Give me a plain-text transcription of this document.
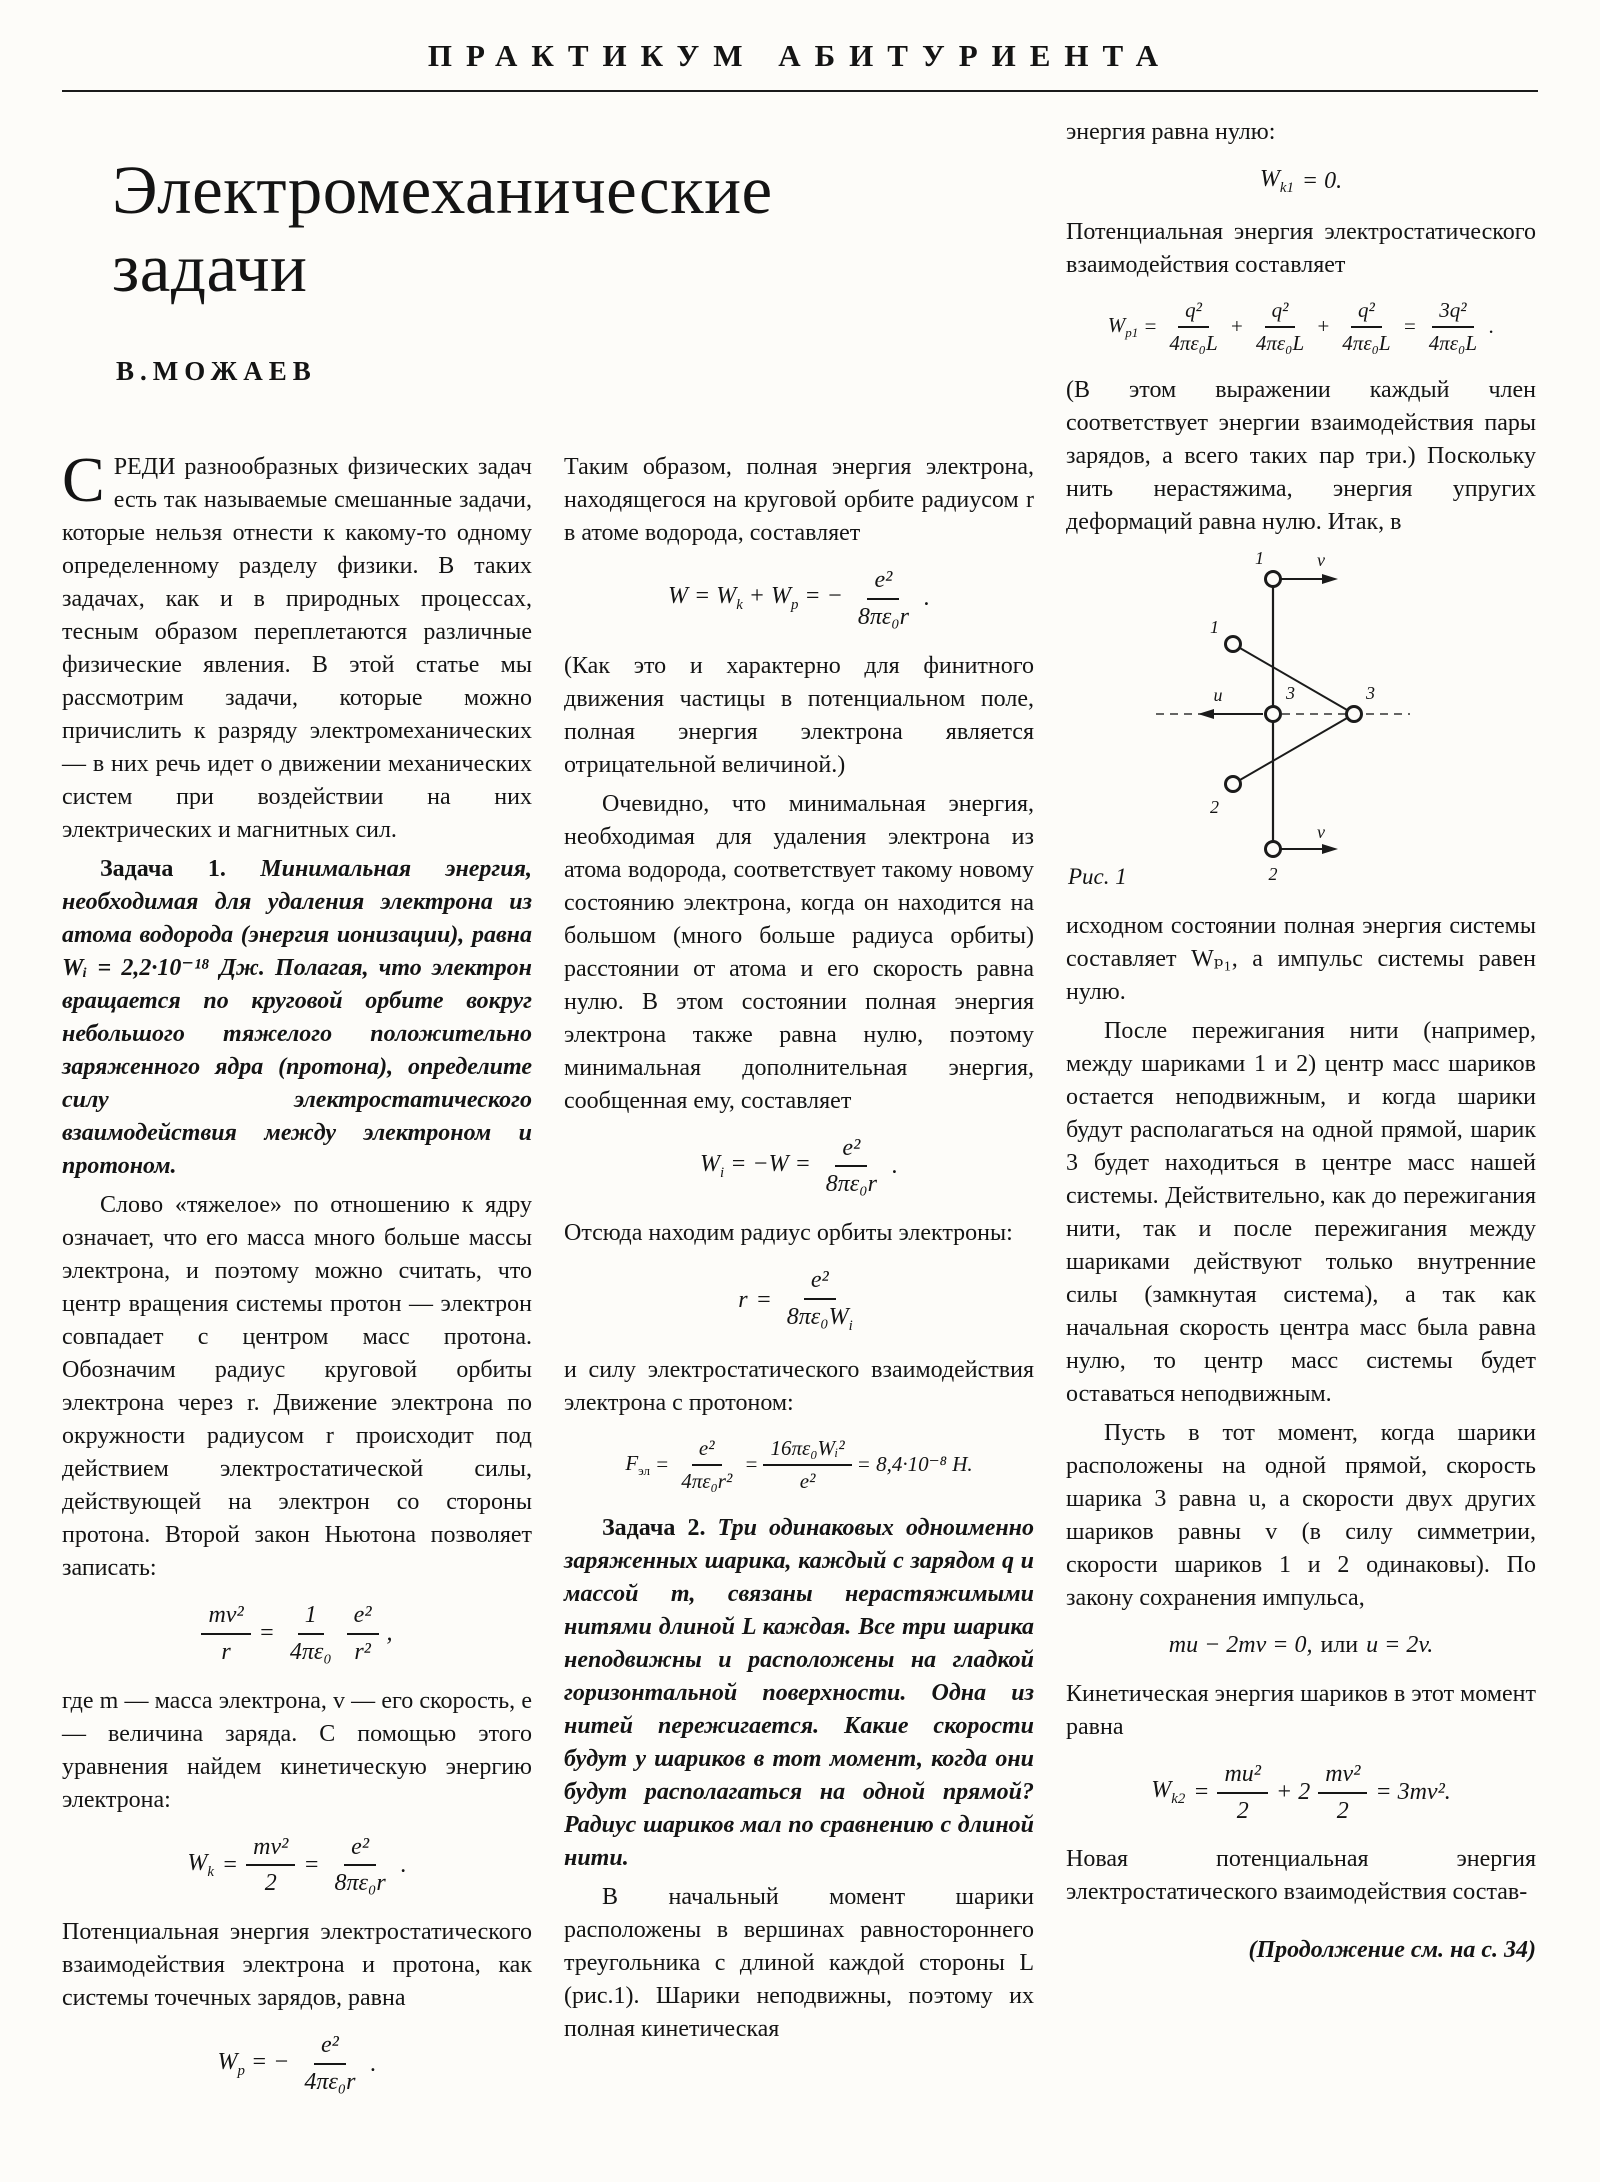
ПРАКТИКУМ АБИТУРИЕНТА
Электромеханические задачи
В.МОЖАЕВ

СРЕДИ разнообразных физических задач есть так называемые смешанные задачи, которые нельзя отнести к какому-то одному определенному разделу физики. В таких задачах, как и в природных процессах, тесным образом переплетаются различные физические явления. В этой статье мы рассмотрим задачи, которые можно причислить к разряду электромеханических — в них речь идет о движении механических систем при воздействии на них электрических и магнитных сил.

Задача 1. Минимальная энергия, необходимая для удаления электрона из атома водорода (энергия ионизации), равна Wᵢ = 2,2·10⁻¹⁸ Дж. Полагая, что электрон вращается по круговой орбите вокруг небольшого тяжелого положительно заряженного ядра (протона), определите силу электростатического взаимодействия между электроном и протоном.

Слово «тяжелое» по отношению к ядру означает, что его масса много больше массы электрона, и поэтому можно считать, что центр вращения системы протон — электрон совпадает с центром масс протона. Обозначим радиус круговой орбиты электрона через r. Движение электрона по окружности радиусом r происходит под действием электростатической силы, действующей на электрон со стороны протона. Второй закон Ньютона позволяет записать:

$\frac{\text{mv²}}{r} = \frac{1}{\text{4πε₀}} \frac{\text{e²}}{\text{r²}}$ ,

где m — масса электрона, v — его скорость, e — величина заряда. С помощью этого уравнения найдем кинетическую энергию электрона:

$W_k = \frac{\text{mv²}}{2} = \frac{\text{e²}}{\text{8πε₀r}}$ .

Потенциальная энергия электростатического взаимодействия электрона и протона, как системы точечных зарядов, равна

$W_p$ = − $\frac{\text{e²}}{\text{4πε₀r}}$ .

Таким образом, полная энергия электрона, находящегося на круговой орбите радиусом r в атоме водорода, составляет

$W = W_k + W_p$ = − $\frac{\text{e²}}{\text{8πε₀r}}$ .

(Как это и характерно для финитного движения частицы в потенциальном поле, полная энергия электрона является отрицательной величиной.)

Очевидно, что минимальная энергия, необходимая для удаления электрона из атома водорода, соответствует такому новому состоянию электрона, когда он находится на большом (много больше радиуса орбиты) расстоянии от атома и его скорость равна нулю. В этом состоянии полная энергия электрона также равна нулю, поэтому минимальная дополнительная энергия, сообщенная ему, составляет

$W_i = -W = \frac{\text{e²}}{\text{8πε₀r}}$ .

Отсюда находим радиус орбиты электроны:

$r = \frac{\text{e²}}{8\pi\varepsilon_0W_i}$

и силу электростатического взаимодействия электрона с протоном:

$F_{эл} = \frac{\text{e²}}{\text{4πε₀r²}} = \frac{\text{16πε₀Wᵢ²}}{\text{e²}} = 8,4\cdot 10^{-8}$ Н.

Задача 2. Три одинаковых одноименно заряженных шарика, каждый с зарядом q и массой m, связаны нерастяжимыми нитями длиной L каждая. Все три шарика неподвижны и расположены на гладкой горизонтальной поверхности. Одна из нитей пережигается. Какие скорости будут у шариков в тот момент, когда они будут располагаться на одной прямой? Радиус шариков мал по сравнению с длиной нити.

В начальный момент шарики расположены в вершинах равностороннего треугольника с длиной каждой стороны L (рис.1). Шарики неподвижны, поэтому их полная кинетическая

энергия равна нулю:

$W_{k1} = 0$.

Потенциальная энергия электростатического взаимодействия составляет

$W_{p1} = \frac{\text{q²}}{\text{4πε₀L}} + \frac{\text{q²}}{\text{4πε₀L}} + \frac{\text{q²}}{\text{4πε₀L}} = \frac{\text{3q²}}{\text{4πε₀L}}$ .

(В этом выражении каждый член соответствует энергии взаимодействия пары зарядов, а всего таких пар три.) Поскольку нить нерастяжима, энергия упругих деформаций равна нулю. Итак, в

1	v
1
2
3	3
u
v
2
Рис. 1

исходном состоянии полная энергия системы составляет Wₚ₁, а импульс системы равен нулю.

После пережигания нити (например, между шариками 1 и 2) центр масс шариков остается неподвижным, и когда шарики будут располагаться на одной прямой, шарик 3 будет находиться в центре масс нашей системы. Действительно, как до пережигания нити, так и после пережигания между шариками действуют только внутренние силы (замкнутая система), а так как начальная скорость центра масс была равна нулю, то центр масс системы будет оставаться неподвижным.

Пусть в тот момент, когда шарики расположены на одной прямой, скорость шарика 3 равна u, а скорости двух других шариков равны v (в силу симметрии, скорости шариков 1 и 2 одинаковы). По закону сохранения импульса,

mu − 2mv = 0, или u = 2v.

Кинетическая энергия шариков в этот момент равна

$W_{k2} = \frac{\text{mu²}}{2} + 2 \frac{\text{mv²}}{2} = 3mv^2$.

Новая потенциальная энергия электростатического взаимодействия состав-

(Продолжение см. на с. 34)
